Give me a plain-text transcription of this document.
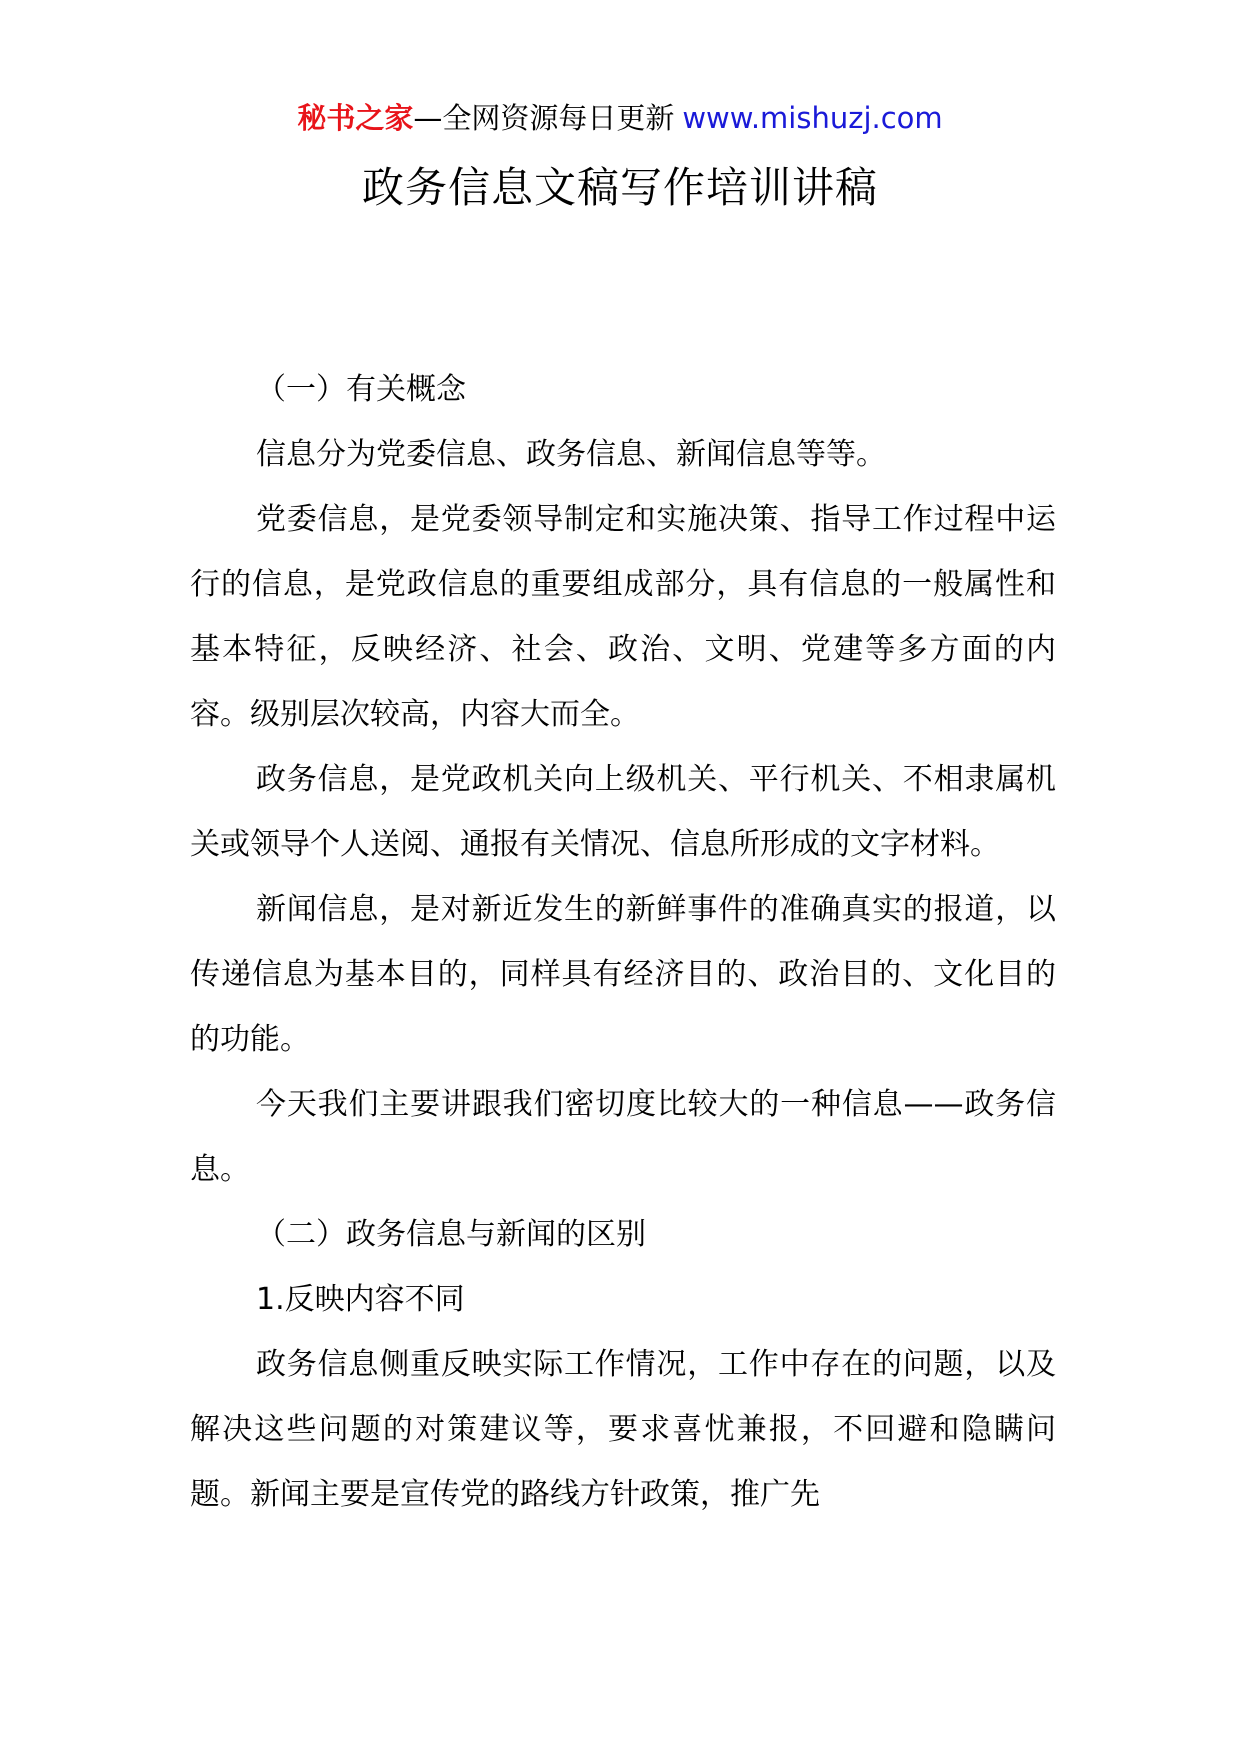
秘书之家—全网资源每日更新 www.mishuzj.com
政务信息文稿写作培训讲稿

（一）有关概念

信息分为党委信息、政务信息、新闻信息等等。

党委信息，是党委领导制定和实施决策、指导工作过程中运行的信息，是党政信息的重要组成部分，具有信息的一般属性和基本特征，反映经济、社会、政治、文明、党建等多方面的内容。级别层次较高，内容大而全。

政务信息，是党政机关向上级机关、平行机关、不相隶属机关或领导个人送阅、通报有关情况、信息所形成的文字材料。

新闻信息，是对新近发生的新鲜事件的准确真实的报道，以传递信息为基本目的，同样具有经济目的、政治目的、文化目的的功能。

今天我们主要讲跟我们密切度比较大的一种信息——政务信息。

（二）政务信息与新闻的区别

1.反映内容不同

政务信息侧重反映实际工作情况，工作中存在的问题，以及解决这些问题的对策建议等，要求喜忧兼报，不回避和隐瞒问题。新闻主要是宣传党的路线方针政策，推广先
